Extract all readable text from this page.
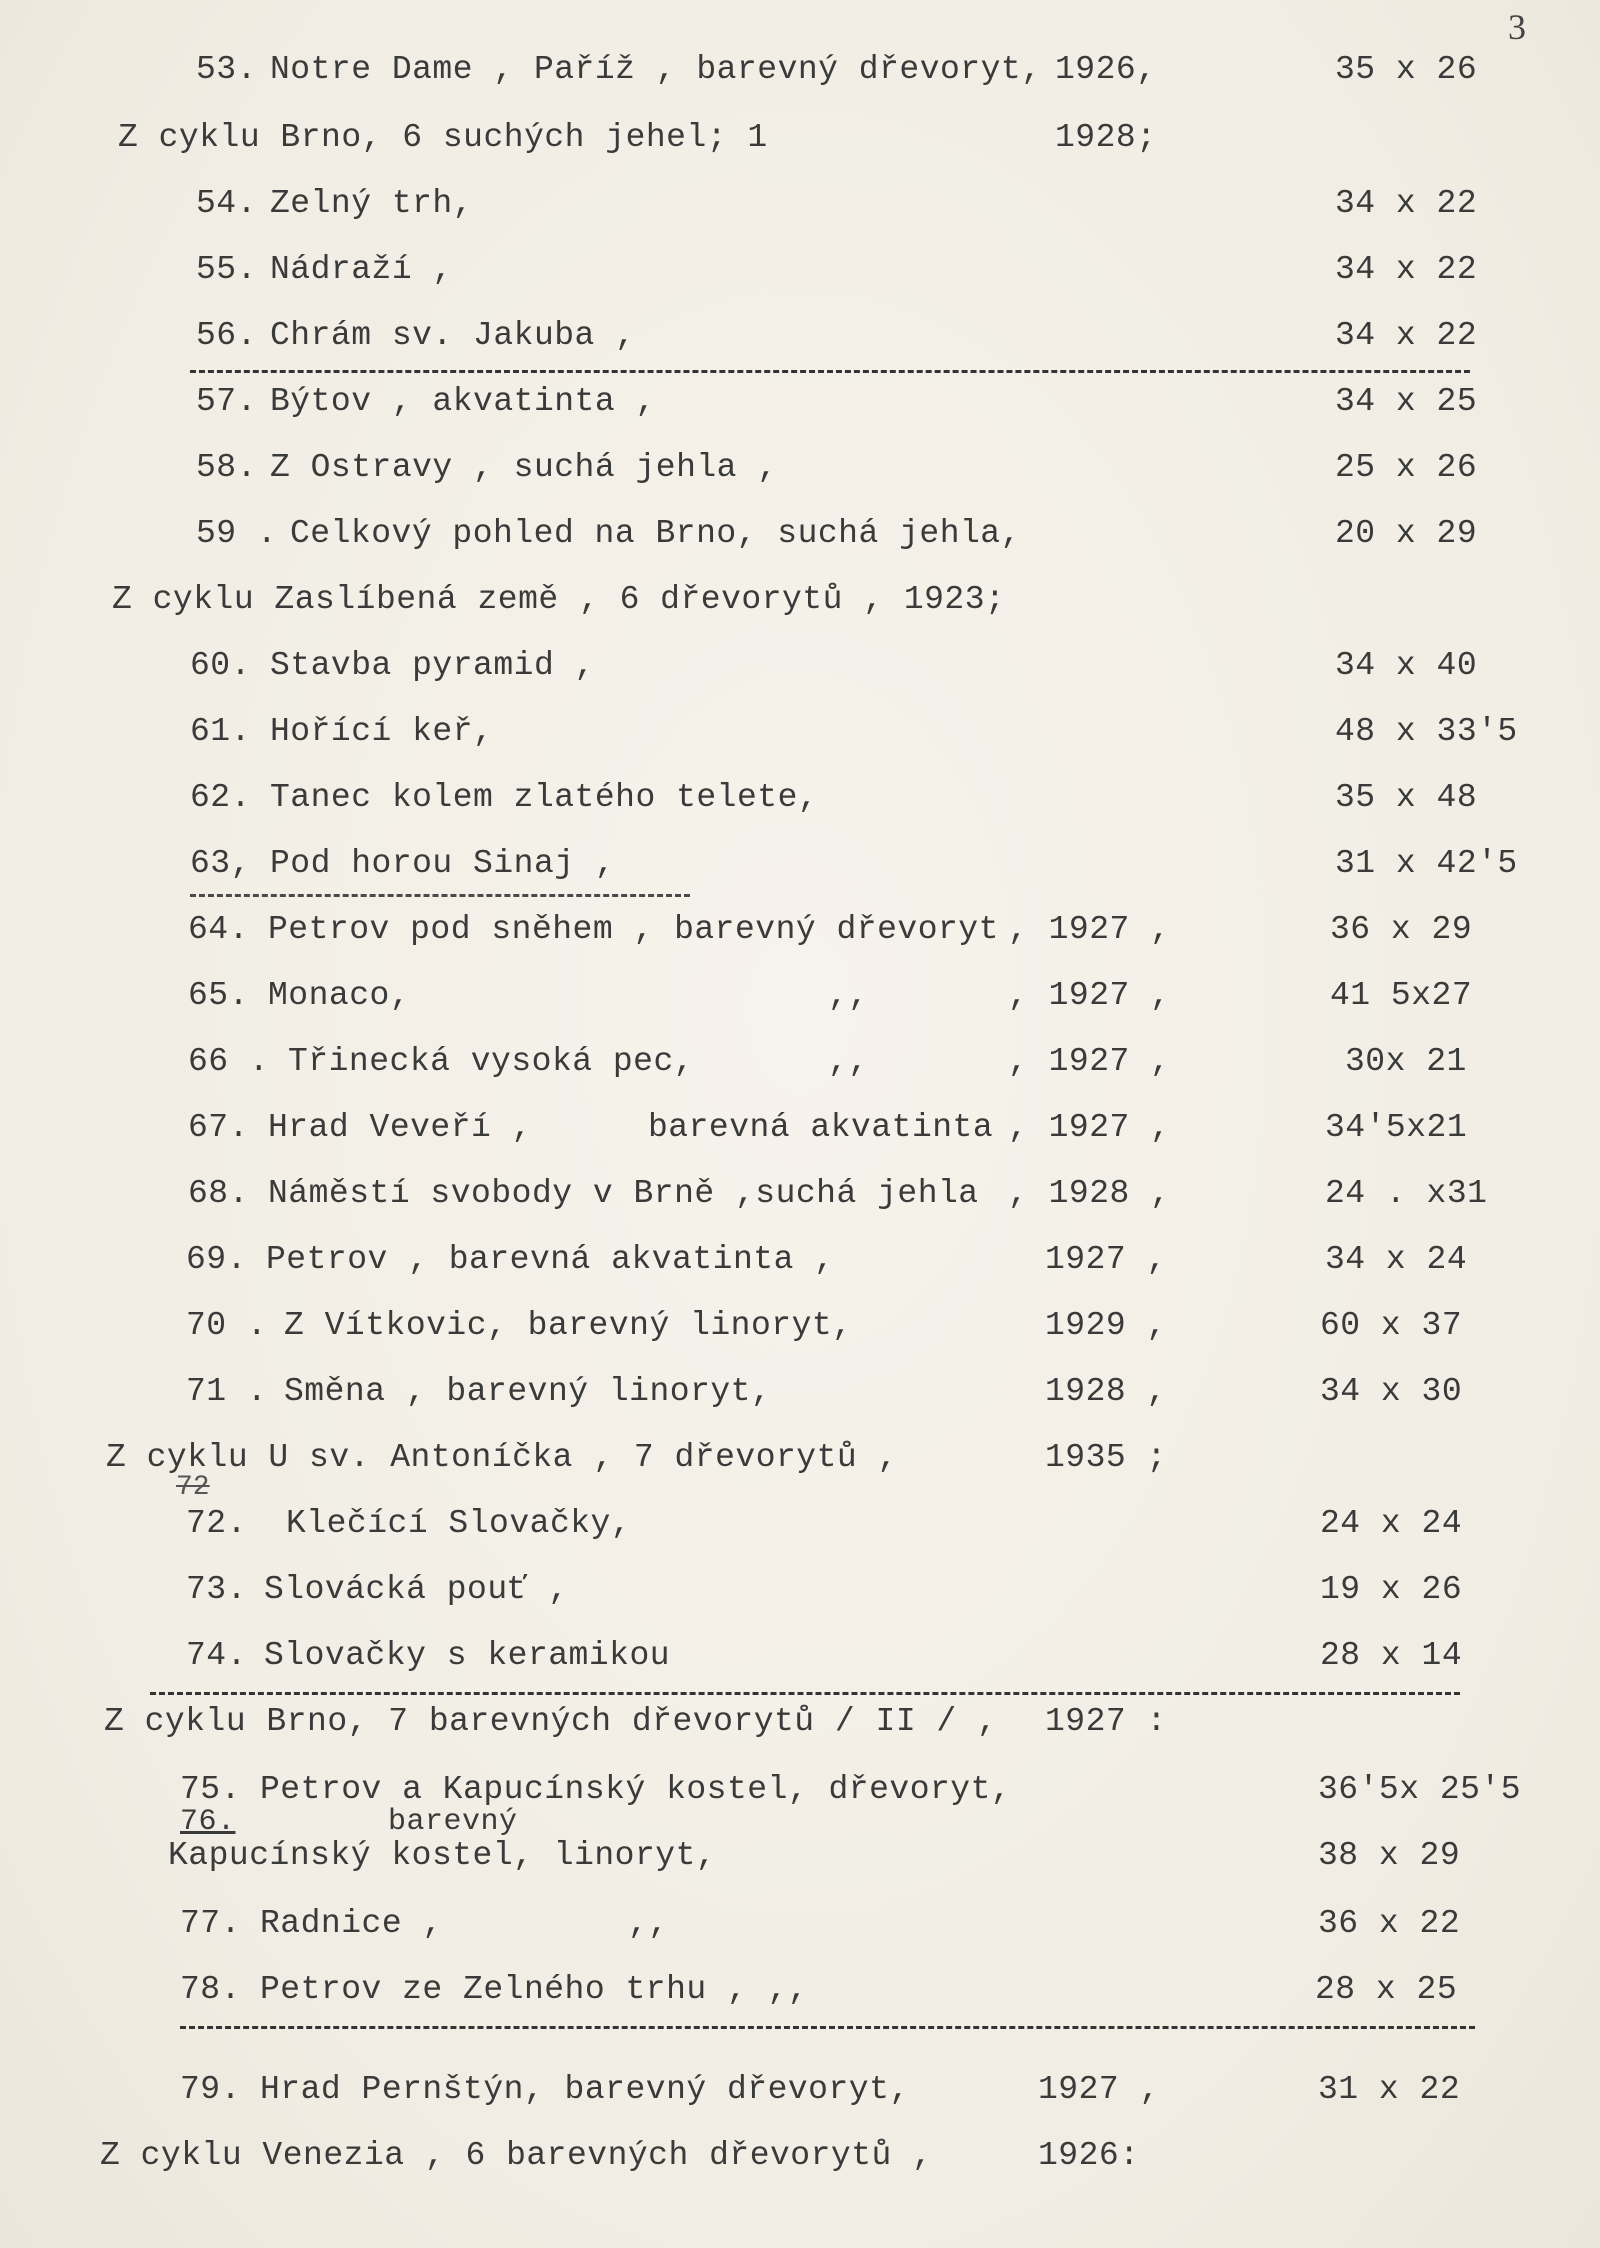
3
53. Notre Dame , Paříž , barevný dřevoryt, 1926,	35 x 26
Z cyklu Brno, 6 suchých jehel; 1	1928;
54. Zelný trh,	34 x 22
55. Nádraží ,	34 x 22
56. Chrám sv. Jakuba ,	34 x 22
57. Býtov , akvatinta ,	34 x 25
58. Z Ostravy , suchá jehla ,	25 x 26
59 . Celkový pohled na Brno, suchá jehla,	20 x 29
Z cyklu Zaslíbená země , 6 dřevorytů , 1923;
60. Stavba pyramid ,	34 x 40
61. Hořící keř,	48 x 33'5
62. Tanec kolem zlatého telete,	35 x 48
63, Pod horou Sinaj ,	31 x 42'5
64. Petrov pod sněhem , barevný dřevoryt , 1927 ,	36 x 29
65. Monaco,	,,	, 1927 ,	41 5x27
66 . Třinecká vysoká pec,	,,	, 1927 ,	30x 21
67. Hrad Veveří ,	barevná akvatinta , 1927 ,	34'5x21
68. Náměstí svobody v Brně ,suchá jehla , 1928 ,	24 . x31
69. Petrov , barevná akvatinta ,	1927 ,	34 x 24
70 . Z Vítkovic, barevný linoryt,	1929 ,	60 x 37
71 . Směna , barevný linoryt,	1928 ,	34 x 30
Z cyklu U sv. Antoníčka , 7 dřevorytů ,	1935 ;
72
72. Klečící Slovačky,	24 x 24
73. Slovácká pouť ,	19 x 26
74. Slovačky s keramikou	28 x 14
Z cyklu Brno, 7 barevných dřevorytů / II / , 1927 :
75. Petrov a Kapucínský kostel, dřevoryt,	36'5x 25'5
76.	barevný
Kapucínský kostel, linoryt,	38 x 29
77. Radnice ,	,,	36 x 22
78. Petrov ze Zelného trhu , ,,	28 x 25
79. Hrad Pernštýn, barevný dřevoryt,	1927 ,	31 x 22
Z cyklu Venezia , 6 barevných dřevorytů ,	1926:
